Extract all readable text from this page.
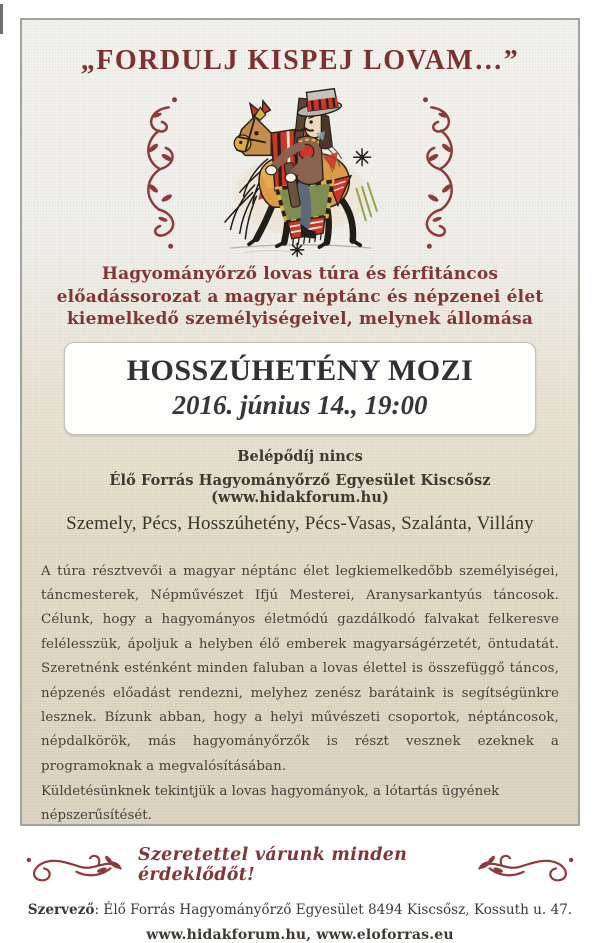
„FORDULJ KISPEJ LOVAM…”
Hagyományőrző lovas túra és férfitáncos
előadássorozat a magyar néptánc és népzenei élet
kiemelkedő személyiségeivel, melynek állomása
HOSSZÚHETÉNY MOZI
2016. június 14., 19:00
Belépődíj nincs
Élő Forrás Hagyományőrző Egyesület Kiscsősz (www.hidakforum.hu)
Szemely, Pécs, Hosszúhetény, Pécs-Vasas, Szalánta, Villány
A túra résztvevői a magyar néptánc élet legkiemelkedőbb személyiségei, táncmesterek, Népművészet Ifjú Mesterei, Aranysarkantyús táncosok. Célunk, hogy a hagyományos életmódú gazdálkodó falvakat felkeresve felélesszük, ápoljuk a helyben élő emberek magyarságérzetét, öntudatát. Szeretnénk esténként minden faluban a lovas élettel is összefüggő táncos, népzenés előadást rendezni, melyhez zenész barátaink is segítségünkre lesznek. Bízunk abban, hogy a helyi művészeti csoportok, néptáncosok, népdalkörök, más hagyományőrzők is részt vesznek ezeknek a programoknak a megvalósításában.
Küldetésünknek tekintjük a lovas hagyományok, a lótartás ügyének népszerűsítését.
Szeretettel várunk minden érdeklődőt!
Szervező: Élő Forrás Hagyományőrző Egyesület 8494 Kiscsősz, Kossuth u. 47.
www.hidakforum.hu, www.eloforras.eu
